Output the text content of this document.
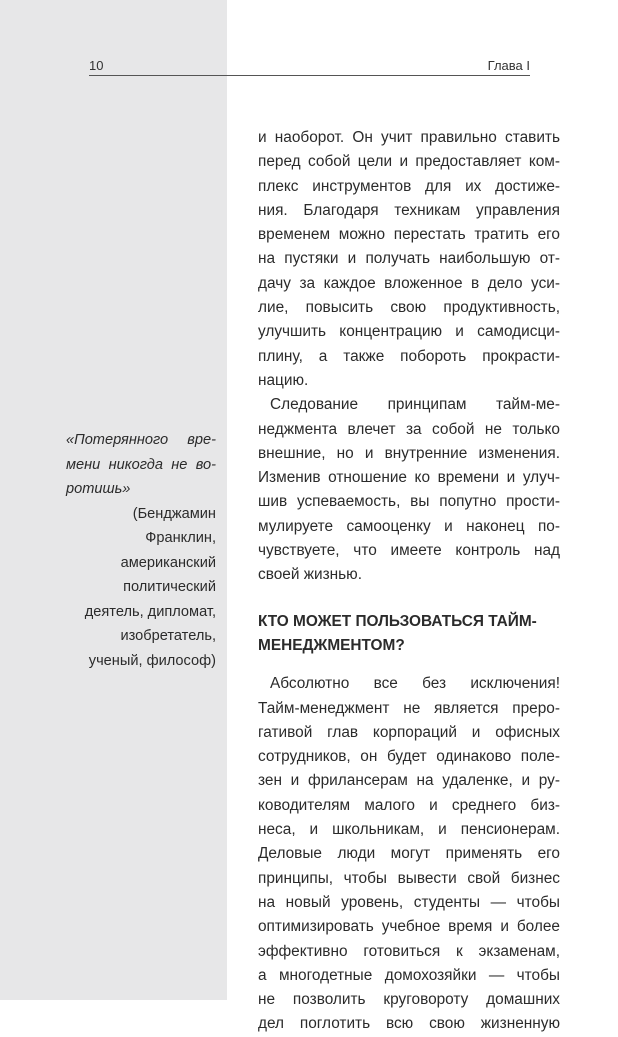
10	Глава I
«Потерянного вре-
мени никогда не во-
ротишь»
(Бенджамин
Франклин,
американский
политический
деятель, дипломат,
изобретатель,
ученый, философ)
и наоборот. Он учит правильно ставить
перед собой цели и предоставляет ком-
плекс инструментов для их достиже-
ния. Благодаря техникам управления
временем можно перестать тратить его
на пустяки и получать наибольшую от-
дачу за каждое вложенное в дело уси-
лие, повысить свою продуктивность,
улучшить концентрацию и самодисци-
плину, а также побороть прокрасти-
нацию.
Следование принципам тайм-ме-
неджмента влечет за собой не только
внешние, но и внутренние изменения.
Изменив отношение ко времени и улуч-
шив успеваемость, вы попутно прости-
мулируете самооценку и наконец по-
чувствуете, что имеете контроль над
своей жизнью.
КТО МОЖЕТ ПОЛЬЗОВАТЬСЯ ТАЙМ-
МЕНЕДЖМЕНТОМ?
Абсолютно все без исключения!
Тайм-менеджмент не является преро-
гативой глав корпораций и офисных
сотрудников, он будет одинаково поле-
зен и фрилансерам на удаленке, и ру-
ководителям малого и среднего биз-
неса, и школьникам, и пенсионерам.
Деловые люди могут применять его
принципы, чтобы вывести свой бизнес
на новый уровень, студенты — чтобы
оптимизировать учебное время и более
эффективно готовиться к экзаменам,
а многодетные домохозяйки — чтобы
не позволить круговороту домашних
дел поглотить всю свою жизненную
